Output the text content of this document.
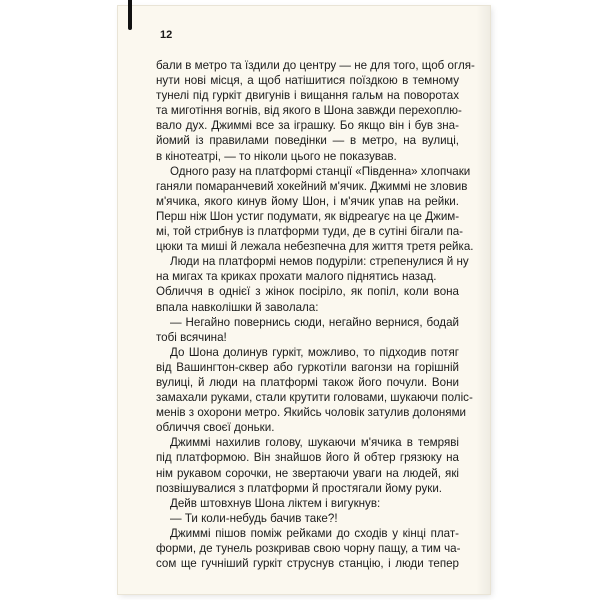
12
бали в метро та їздили до центру — не для того, щоб огля-
нути нові місця, а щоб натішитися поїздкою в темному
тунелі під гуркіт двигунів і вищання гальм на поворотах
та миготіння вогнів, від якого в Шона завжди перехоплю-
вало дух. Джиммі все за іграшку. Бо якщо він і був зна-
йомий із правилами поведінки — в метро, на вулиці,
в кінотеатрі, — то ніколи цього не показував.
Одного разу на платформі станції «Південна» хлопчаки
ганяли помаранчевий хокейний м'ячик. Джиммі не зловив
м'ячика, якого кинув йому Шон, і м'ячик упав на рейки.
Перш ніж Шон устиг подумати, як відреагує на це Джим-
мі, той стрибнув із платформи туди, де в сутіні бігали па-
цюки та миші й лежала небезпечна для життя третя рейка.
Люди на платформі немов подуріли: стрепенулися й ну
на мигах та криках прохати малого піднятись назад.
Обличчя в однієї з жінок посіріло, як попіл, коли вона
впала навколішки й заволала:
— Негайно повернись сюди, негайно вернися, бодай
тобі всячина!
До Шона долинув гуркіт, можливо, то підходив потяг
від Вашингтон-сквер або гуркотіли вагонзи на горішній
вулиці, й люди на платформі також його почули. Вони
замахали руками, стали крутити головами, шукаючи поліс-
менів з охорони метро. Якийсь чоловік затулив долонями
обличчя своєї доньки.
Джиммі нахилив голову, шукаючи м'ячика в темряві
під платформою. Він знайшов його й обтер грязюку на
нім рукавом сорочки, не звертаючи уваги на людей, які
позвішувалися з платформи й простягали йому руки.
Дейв штовхнув Шона ліктем і вигукнув:
— Ти коли-небудь бачив таке?!
Джиммі пішов поміж рейками до сходів у кінці плат-
форми, де тунель розкривав свою чорну пащу, а тим ча-
сом ще гучніший гуркіт струснув станцію, і люди тепер
